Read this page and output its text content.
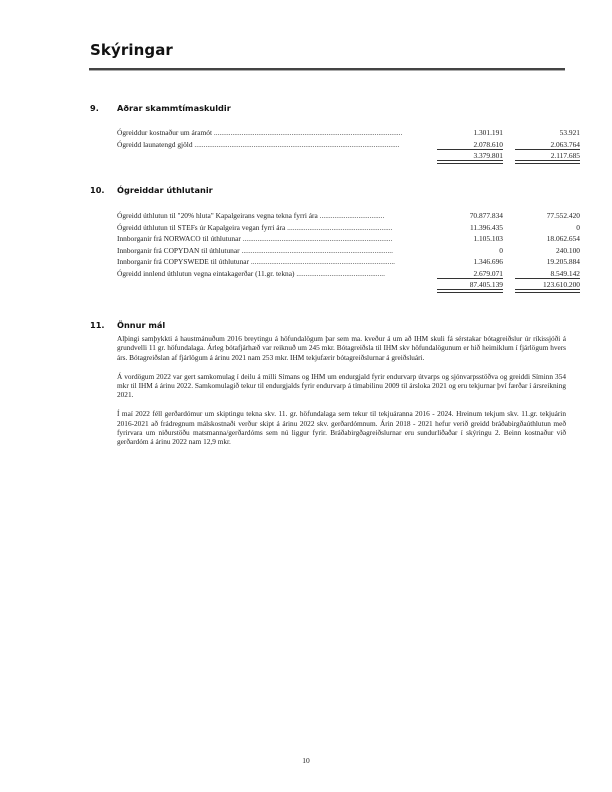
Skýringar
9. Aðrar skammtímaskuldir
Ógreiddur kostnaður um áramót ......................................................................................................	1.301.191	53.921
Ógreidd launatengd gjöld ...............................................................................................................	2.078.610	2.063.764
3.379.801	2.117.685
10. Ógreiddar úthlutanir
Ógreidd úthlutun til "20% hluta" Kapalgeirans vegna tekna fyrri ára ...................................	70.877.834	77.552.420
Ógreidd úthlutun til STEFs úr Kapalgeira vegan fyrri ára .........................................................	11.396.435	0
Innborganir frá NORWACO til úthlutunar .................................................................................	1.105.103	18.062.654
Innborganir frá COPYDAN til úthlutunar ..................................................................................	0	240.100
Innborganir frá COPYSWEDE til úthlutunar ..............................................................................	1.346.696	19.205.884
Ógreidd innlend úthlutun vegna eintakagerðar (11.gr. tekna) ................................................	2.679.071	8.549.142
87.405.139	123.610.200
11. Önnur mál

Alþingi samþykkti á haustmánuðum 2016 breytingu á höfundalögum þar sem ma. kveður á um að IHM skuli fá sérstakar bótagreiðslur úr ríkissjóði á grundvelli 11 gr. höfundalaga. Árleg bótafjárhæð var reiknuð um 245 mkr. Bótagreiðsla til IHM skv höfundalögunum er hið heimiklum í fjárlögum hvers árs. Bótagreiðslan af fjárlögum á árinu 2021 nam 253 mkr. IHM tekjufærir bótagreiðslurnar á greiðsluári.

Á vordögum 2022 var gert samkomulag í deilu á milli Símans og IHM um endurgjald fyrir endurvarp útvarps og sjónvarpsstöðva og greiddi Síminn 354 mkr til IHM á árinu 2022. Samkomulagið tekur til endurgjalds fyrir endurvarp á tímabilinu 2009 til ársloka 2021 og eru tekjurnar því færðar í ársreikning 2021.

Í maí 2022 féll gerðardómur um skiptingu tekna skv. 11. gr. höfundalaga sem tekur til tekjuáranna 2016 - 2024. Hreinum tekjum skv. 11.gr. tekjuárin 2016-2021 að frádregnum málskostnaði verður skipt á árinu 2022 skv. gerðardómnum. Árin 2018 - 2021 hefur verið greidd bráðabirgðaúthlutun með fyrirvara um niðurstöðu matsmanna/gerðardóms sem nú liggur fyrir. Bráðabirgðagreiðslurnar eru sundurliðaðar í skýringu 2. Beinn kostnaður við gerðardóm á árinu 2022 nam 12,9 mkr.

10
